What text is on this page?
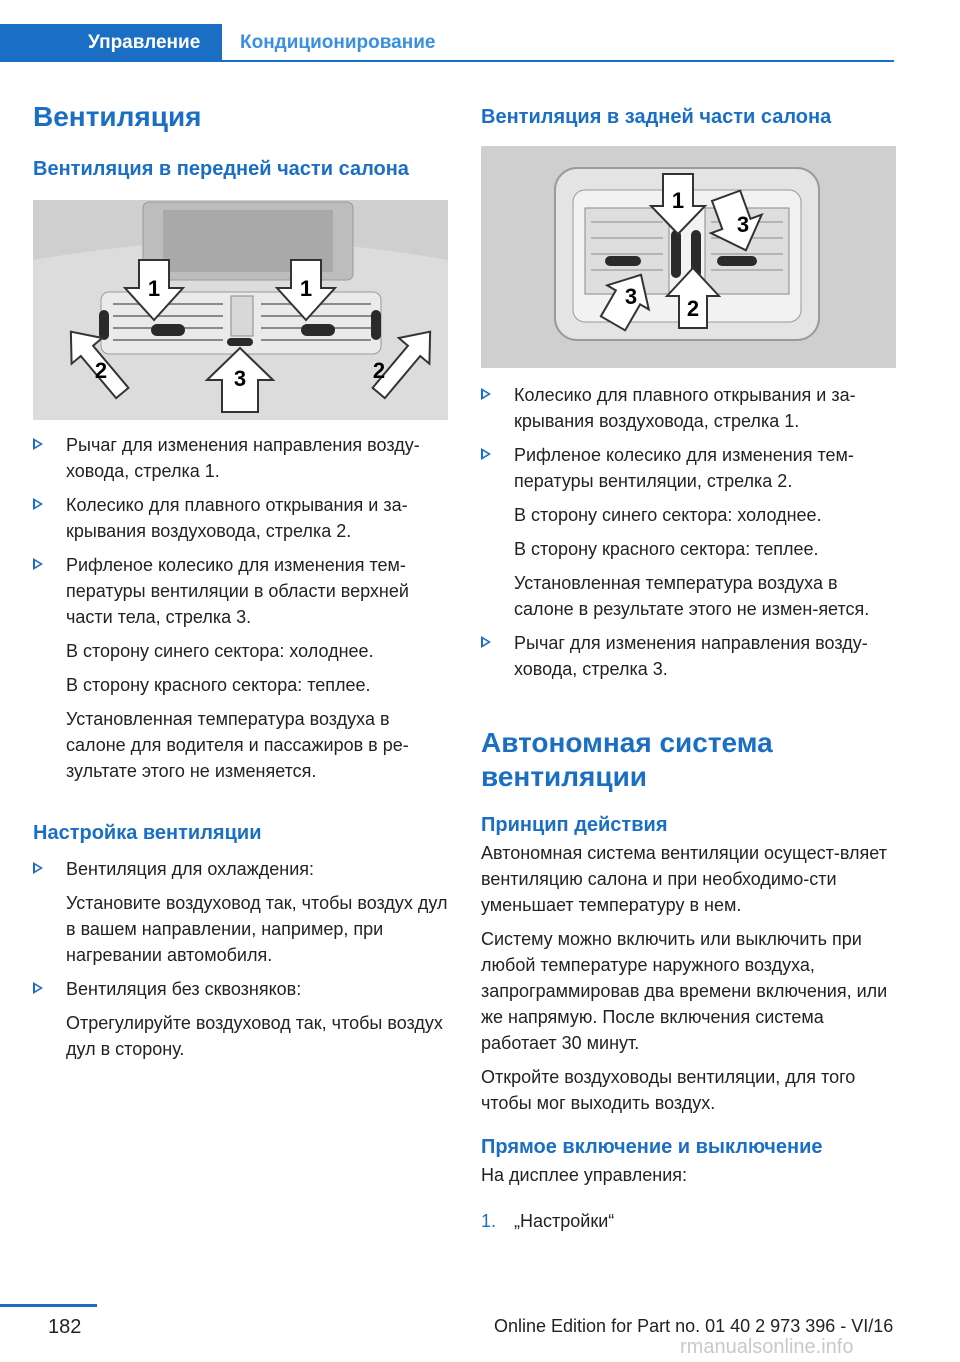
Управление	Кондиционирование
Вентиляция
Вентиляция в передней части салона
1	1
2	3	2
Рычаг для изменения направления возду-ховода, стрелка 1.
Колесико для плавного открывания и за-крывания воздуховода, стрелка 2.
Рифленое колесико для изменения тем-пературы вентиляции в области верхней части тела, стрелка 3.
В сторону синего сектора: холоднее.
В сторону красного сектора: теплее.
Установленная температура воздуха в салоне для водителя и пассажиров в ре-зультате этого не изменяется.
Настройка вентиляции
Вентиляция для охлаждения:
Установите воздуховод так, чтобы воздух дул в вашем направлении, например, при нагревании автомобиля.
Вентиляция без сквозняков:
Отрегулируйте воздуховод так, чтобы воздух дул в сторону.
Вентиляция в задней части салона
1
3
3 2
Колесико для плавного открывания и за-крывания воздуховода, стрелка 1.
Рифленое колесико для изменения тем-пературы вентиляции, стрелка 2.
В сторону синего сектора: холоднее.
В сторону красного сектора: теплее.
Установленная температура воздуха в салоне в результате этого не измен-яется.
Рычаг для изменения направления возду-ховода, стрелка 3.
Автономная система вентиляции
Принцип действия

Автономная система вентиляции осущест-вляет вентиляцию салона и при необходимо-сти уменьшает температуру в нем.

Систему можно включить или выключить при любой температуре наружного воздуха, запрограммировав два времени включения, или же напрямую. После включения система работает 30 минут.

Откройте воздуховоды вентиляции, для того чтобы мог выходить воздух.

Прямое включение и выключение

На дисплее управления:

1. „Настройки“
182	Online Edition for Part no. 01 40 2 973 396 - VI/16
rmanualsonline.info
